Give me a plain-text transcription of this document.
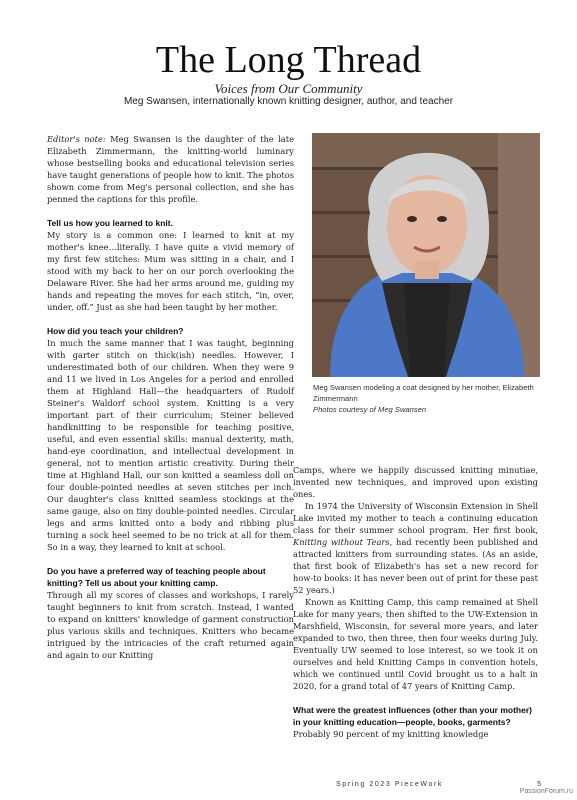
The Long Thread
Voices from Our Community
Meg Swansen, internationally known knitting designer, author, and teacher

Editor's note: Meg Swansen is the daughter of the late Elizabeth Zimmermann, the knitting-world luminary whose bestselling books and educational television series have taught generations of people how to knit. The photos shown come from Meg's personal collection, and she has penned the captions for this profile.

Tell us how you learned to knit.

My story is a common one: I learned to knit at my mother's knee…literally. I have quite a vivid memory of my first few stitches: Mum was sitting in a chair, and I stood with my back to her on our porch overlooking the Delaware River. She had her arms around me, guiding my hands and repeating the moves for each stitch, “in, over, under, off.” Just as she had been taught by her mother.

How did you teach your children?

In much the same manner that I was taught, beginning with garter stitch on thick(ish) needles. However, I underestimated both of our children. When they were 9 and 11 we lived in Los Angeles for a period and enrolled them at Highland Hall—the headquarters of Rudolf Steiner's Waldorf school system. Knitting is a very important part of their curriculum; Steiner believed handknitting to be responsible for teaching positive, useful, and even essential skills: manual dexterity, math, hand-eye coordination, and intellectual development in general, not to mention artistic creativity. During their time at Highland Hall, our son knitted a seamless doll on four double-pointed needles at seven stitches per inch. Our daughter's class knitted seamless stockings at the same gauge, also on tiny double-pointed needles. Circular legs and arms knitted onto a body and ribbing plus turning a sock heel seemed to be no trick at all for them. So in a way, they learned to knit at school.

Do you have a preferred way of teaching people about knitting? Tell us about your knitting camp.

Through all my scores of classes and workshops, I rarely taught beginners to knit from scratch. Instead, I wanted to expand on knitters' knowledge of garment construction plus various skills and techniques. Knitters who became intrigued by the intricacies of the craft returned again and again to our Knitting

Meg Swansen modeling a coat designed by her mother, Elizabeth Zimmermann
Photos courtesy of Meg Swansen

Camps, where we happily discussed knitting minutiae, invented new techniques, and improved upon existing ones.

In 1974 the University of Wisconsin Extension in Shell Lake invited my mother to teach a continuing education class for their summer school program. Her first book, Knitting without Tears, had recently been published and attracted knitters from surrounding states. (As an aside, that first book of Elizabeth's has set a new record for how-to books: it has never been out of print for these past 52 years.)

Known as Knitting Camp, this camp remained at Shell Lake for many years, then shifted to the UW-Extension in Marshfield, Wisconsin, for several more years, and later expanded to two, then three, then four weeks during July. Eventually UW seemed to lose interest, so we took it on ourselves and held Knitting Camps in convention hotels, which we continued until Covid brought us to a halt in 2020, for a grand total of 47 years of Knitting Camp.

What were the greatest influences (other than your mother) in your knitting education—people, books, garments?

Probably 90 percent of my knitting knowledge

Spring 2023 PieceWork	5
PassionForum.ru
